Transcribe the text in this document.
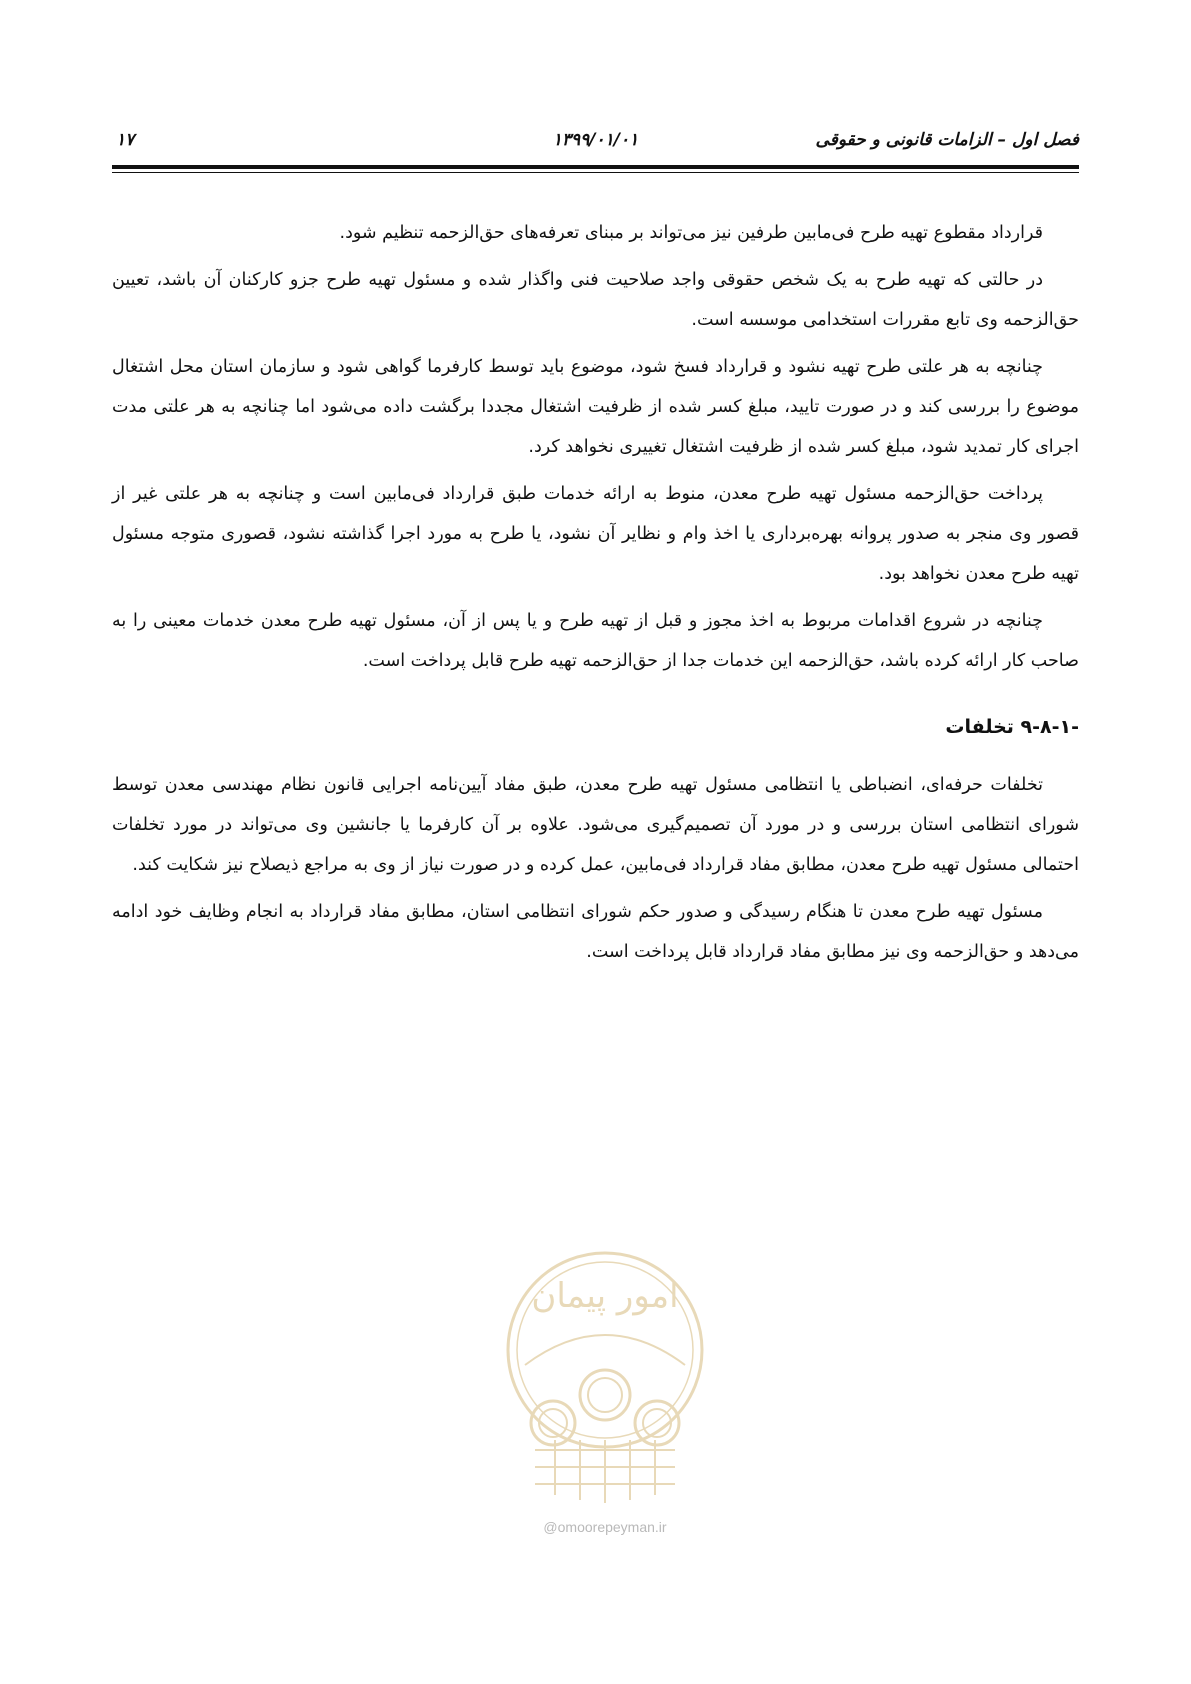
فصل اول – الزامات قانونی و حقوقی
۱۳۹۹/۰۱/۰۱
۱۷

قرارداد مقطوع تهیه طرح فی‌مابین طرفین نیز می‌تواند بر مبنای تعرفه‌های حق‌الزحمه تنظیم شود.

در حالتی که تهیه طرح به یک شخص حقوقی واجد صلاحیت فنی واگذار شده و مسئول تهیه طرح جزو کارکنان آن باشد، تعیین حق‌الزحمه وی تابع مقررات استخدامی موسسه است.

چنانچه به هر علتی طرح تهیه نشود و قرارداد فسخ شود، موضوع باید توسط کارفرما گواهی شود و سازمان استان محل اشتغال موضوع را بررسی کند و در صورت تایید، مبلغ کسر شده از ظرفیت اشتغال مجددا برگشت داده می‌شود اما چنانچه به هر علتی مدت اجرای کار تمدید شود، مبلغ کسر شده از ظرفیت اشتغال تغییری نخواهد کرد.

پرداخت حق‌الزحمه مسئول تهیه طرح معدن، منوط به ارائه خدمات طبق قرارداد فی‌مابین است و چنانچه به هر علتی غیر از قصور وی منجر به صدور پروانه بهره‌برداری یا اخذ وام و نظایر آن نشود، یا طرح به مورد اجرا گذاشته نشود، قصوری متوجه مسئول تهیه طرح معدن نخواهد بود.

چنانچه در شروع اقدامات مربوط به اخذ مجوز و قبل از تهیه طرح و یا پس از آن، مسئول تهیه طرح معدن خدمات معینی را به صاحب کار ارائه کرده باشد، حق‌الزحمه این خدمات جدا از حق‌الزحمه تهیه طرح قابل پرداخت است.

۹-۸-۱- تخلفات

تخلفات حرفه‌ای، انضباطی یا انتظامی مسئول تهیه طرح معدن، طبق مفاد آیین‌نامه اجرایی قانون نظام مهندسی معدن توسط شورای انتظامی استان بررسی و در مورد آن تصمیم‌گیری می‌شود. علاوه بر آن کارفرما یا جانشین وی می‌تواند در مورد تخلفات احتمالی مسئول تهیه طرح معدن، مطابق مفاد قرارداد فی‌مابین، عمل کرده و در صورت نیاز از وی به مراجع ذیصلاح نیز شکایت کند.

مسئول تهیه طرح معدن تا هنگام رسیدگی و صدور حکم شورای انتظامی استان، مطابق مفاد قرارداد به انجام وظایف خود ادامه می‌دهد و حق‌الزحمه وی نیز مطابق مفاد قرارداد قابل پرداخت است.

امور پیمان
@omoorepeyman.ir
